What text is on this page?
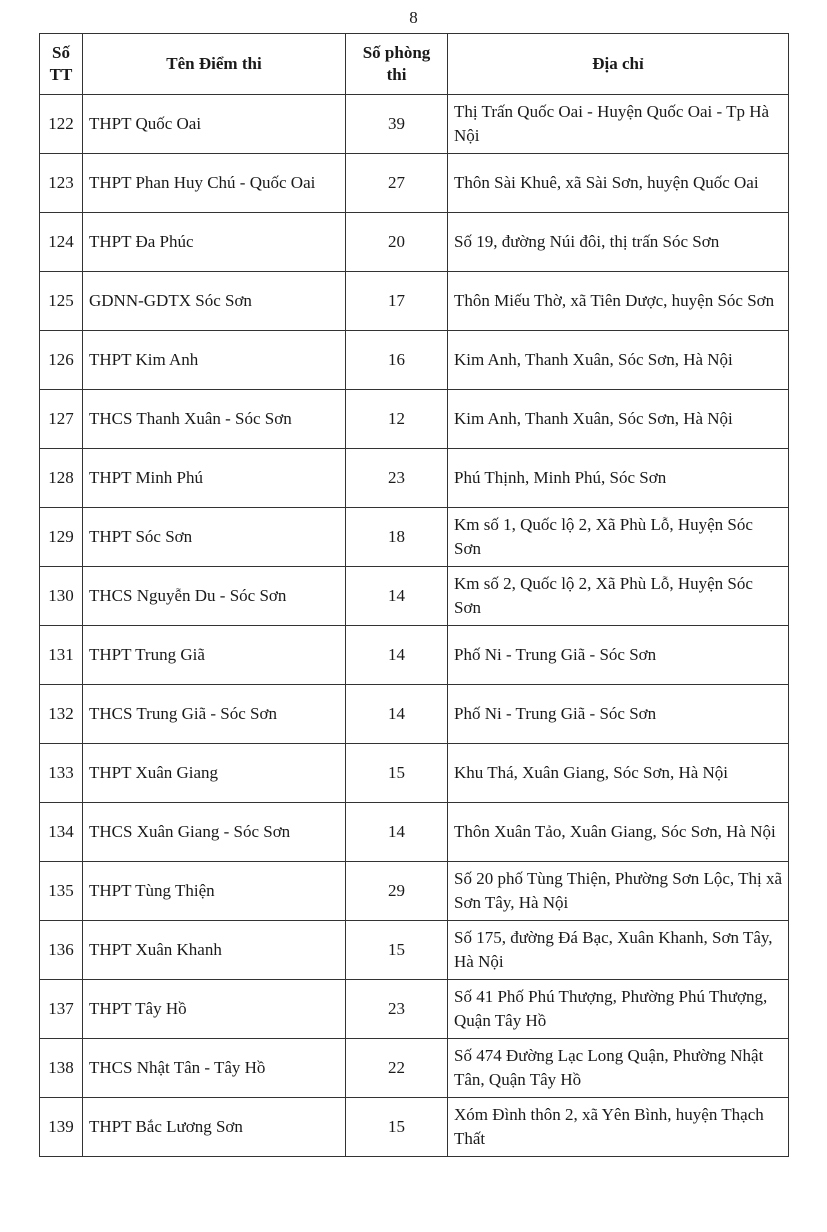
8
Số TT	Tên Điểm thi	Số phòng thi	Địa chỉ
122	THPT Quốc Oai	39	Thị Trấn Quốc Oai - Huyện Quốc Oai - Tp Hà Nội
123	THPT Phan Huy Chú - Quốc Oai	27	Thôn Sài Khuê, xã Sài Sơn, huyện Quốc Oai
124	THPT Đa Phúc	20	Số 19, đường Núi đôi, thị trấn Sóc Sơn
125	GDNN-GDTX Sóc Sơn	17	Thôn Miếu Thờ, xã Tiên Dược, huyện Sóc Sơn
126	THPT Kim Anh	16	Kim Anh, Thanh Xuân, Sóc Sơn, Hà Nội
127	THCS Thanh Xuân - Sóc Sơn	12	Kim Anh, Thanh Xuân, Sóc Sơn, Hà Nội
128	THPT Minh Phú	23	Phú Thịnh, Minh Phú, Sóc Sơn
129	THPT Sóc Sơn	18	Km số 1, Quốc lộ 2, Xã Phù Lỗ, Huyện Sóc Sơn
130	THCS Nguyễn Du - Sóc Sơn	14	Km số 2, Quốc lộ 2, Xã Phù Lỗ, Huyện Sóc Sơn
131	THPT Trung Giã	14	Phố Ni - Trung Giã - Sóc Sơn
132	THCS Trung Giã - Sóc Sơn	14	Phố Ni - Trung Giã - Sóc Sơn
133	THPT Xuân Giang	15	Khu Thá, Xuân Giang, Sóc Sơn, Hà Nội
134	THCS Xuân Giang - Sóc Sơn	14	Thôn Xuân Tảo, Xuân Giang, Sóc Sơn, Hà Nội
135	THPT Tùng Thiện	29	Số 20 phố Tùng Thiện, Phường Sơn Lộc, Thị xã Sơn Tây, Hà Nội
136	THPT Xuân Khanh	15	Số 175, đường Đá Bạc, Xuân Khanh, Sơn Tây, Hà Nội
137	THPT Tây Hồ	23	Số 41 Phố Phú Thượng, Phường Phú Thượng, Quận Tây Hồ
138	THCS Nhật Tân - Tây Hồ	22	Số 474 Đường Lạc Long Quận, Phường Nhật Tân, Quận Tây Hồ
139	THPT Bắc Lương Sơn	15	Xóm Đình thôn 2, xã Yên Bình, huyện Thạch Thất
